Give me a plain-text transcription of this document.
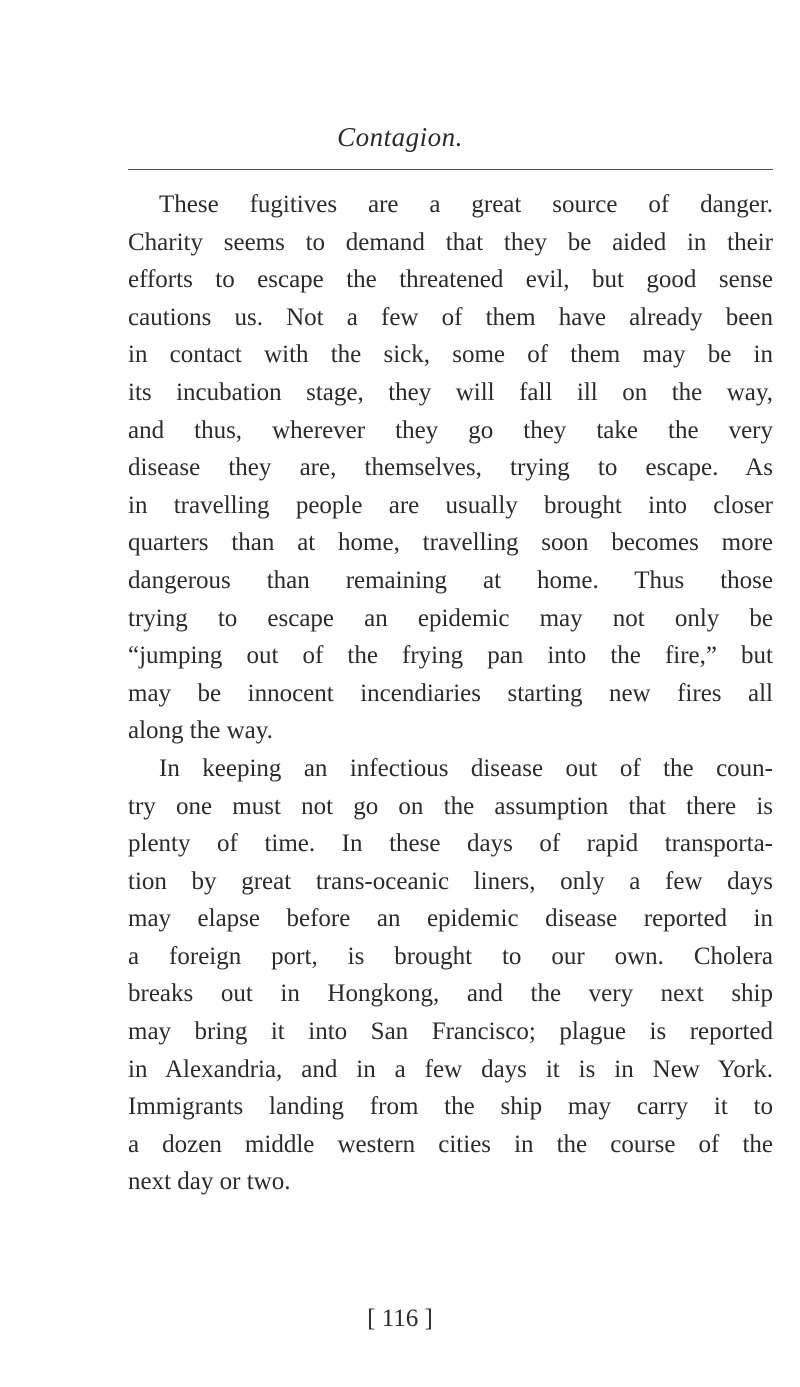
Contagion.
These fugitives are a great source of danger.
Charity seems to demand that they be aided in their
efforts to escape the threatened evil, but good sense
cautions us. Not a few of them have already been
in contact with the sick, some of them may be in
its incubation stage, they will fall ill on the way,
and thus, wherever they go they take the very
disease they are, themselves, trying to escape. As
in travelling people are usually brought into closer
quarters than at home, travelling soon becomes more
dangerous than remaining at home. Thus those
trying to escape an epidemic may not only be
“jumping out of the frying pan into the fire,” but
may be innocent incendiaries starting new fires all
along the way.
In keeping an infectious disease out of the coun-
try one must not go on the assumption that there is
plenty of time. In these days of rapid transporta-
tion by great trans-oceanic liners, only a few days
may elapse before an epidemic disease reported in
a foreign port, is brought to our own. Cholera
breaks out in Hongkong, and the very next ship
may bring it into San Francisco; plague is reported
in Alexandria, and in a few days it is in New York.
Immigrants landing from the ship may carry it to
a dozen middle western cities in the course of the
next day or two.
[ 116 ]
